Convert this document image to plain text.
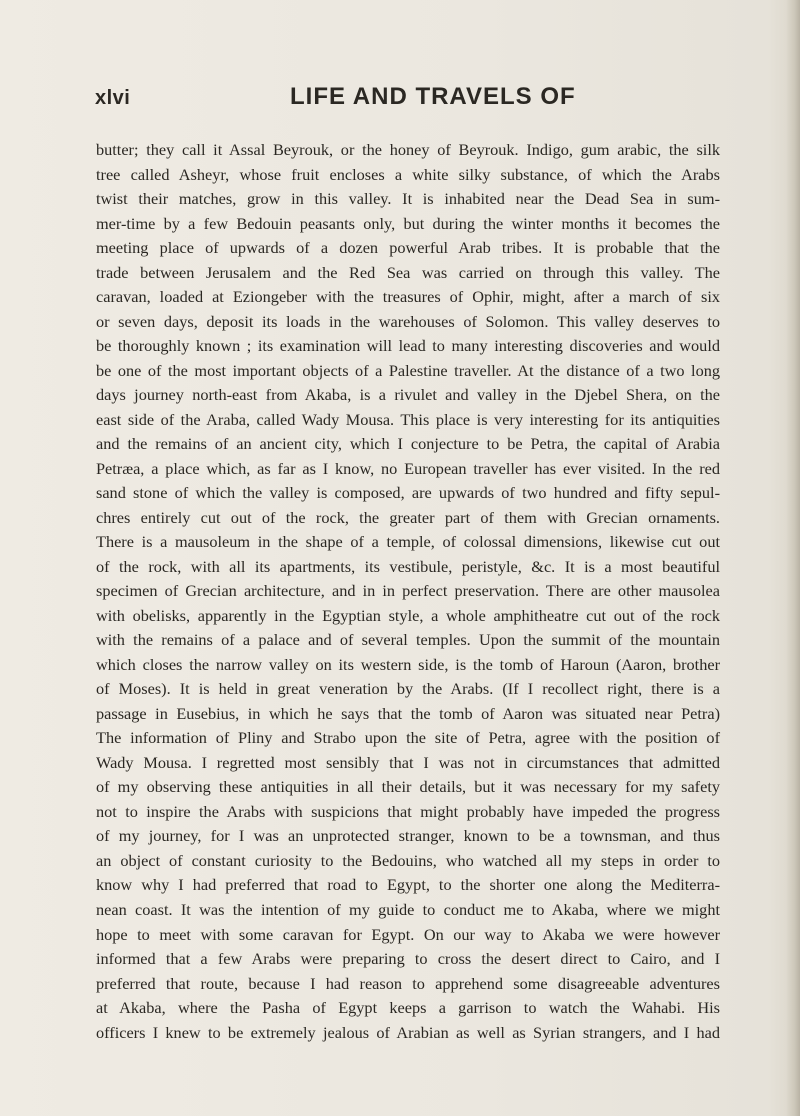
xlvi	LIFE AND TRAVELS OF
butter; they call it Assal Beyrouk, or the honey of Beyrouk. Indigo, gum arabic, the silk
tree called Asheyr, whose fruit encloses a white silky substance, of which the Arabs
twist their matches, grow in this valley. It is inhabited near the Dead Sea in sum-
mer-time by a few Bedouin peasants only, but during the winter months it becomes the
meeting place of upwards of a dozen powerful Arab tribes. It is probable that the
trade between Jerusalem and the Red Sea was carried on through this valley. The
caravan, loaded at Eziongeber with the treasures of Ophir, might, after a march of six
or seven days, deposit its loads in the warehouses of Solomon. This valley deserves to
be thoroughly known ; its examination will lead to many interesting discoveries and would
be one of the most important objects of a Palestine traveller. At the distance of a two long
days journey north-east from Akaba, is a rivulet and valley in the Djebel Shera, on the
east side of the Araba, called Wady Mousa. This place is very interesting for its antiquities
and the remains of an ancient city, which I conjecture to be Petra, the capital of Arabia
Petræa, a place which, as far as I know, no European traveller has ever visited. In the red
sand stone of which the valley is composed, are upwards of two hundred and fifty sepul-
chres entirely cut out of the rock, the greater part of them with Grecian ornaments.
There is a mausoleum in the shape of a temple, of colossal dimensions, likewise cut out
of the rock, with all its apartments, its vestibule, peristyle, &c. It is a most beautiful
specimen of Grecian architecture, and in in perfect preservation. There are other mausolea
with obelisks, apparently in the Egyptian style, a whole amphitheatre cut out of the rock
with the remains of a palace and of several temples. Upon the summit of the mountain
which closes the narrow valley on its western side, is the tomb of Haroun (Aaron, brother
of Moses). It is held in great veneration by the Arabs. (If I recollect right, there is a
passage in Eusebius, in which he says that the tomb of Aaron was situated near Petra)
The information of Pliny and Strabo upon the site of Petra, agree with the position of
Wady Mousa. I regretted most sensibly that I was not in circumstances that admitted
of my observing these antiquities in all their details, but it was necessary for my safety
not to inspire the Arabs with suspicions that might probably have impeded the progress
of my journey, for I was an unprotected stranger, known to be a townsman, and thus
an object of constant curiosity to the Bedouins, who watched all my steps in order to
know why I had preferred that road to Egypt, to the shorter one along the Mediterra-
nean coast. It was the intention of my guide to conduct me to Akaba, where we might
hope to meet with some caravan for Egypt. On our way to Akaba we were however
informed that a few Arabs were preparing to cross the desert direct to Cairo, and I
preferred that route, because I had reason to apprehend some disagreeable adventures
at Akaba, where the Pasha of Egypt keeps a garrison to watch the Wahabi. His
officers I knew to be extremely jealous of Arabian as well as Syrian strangers, and I had
